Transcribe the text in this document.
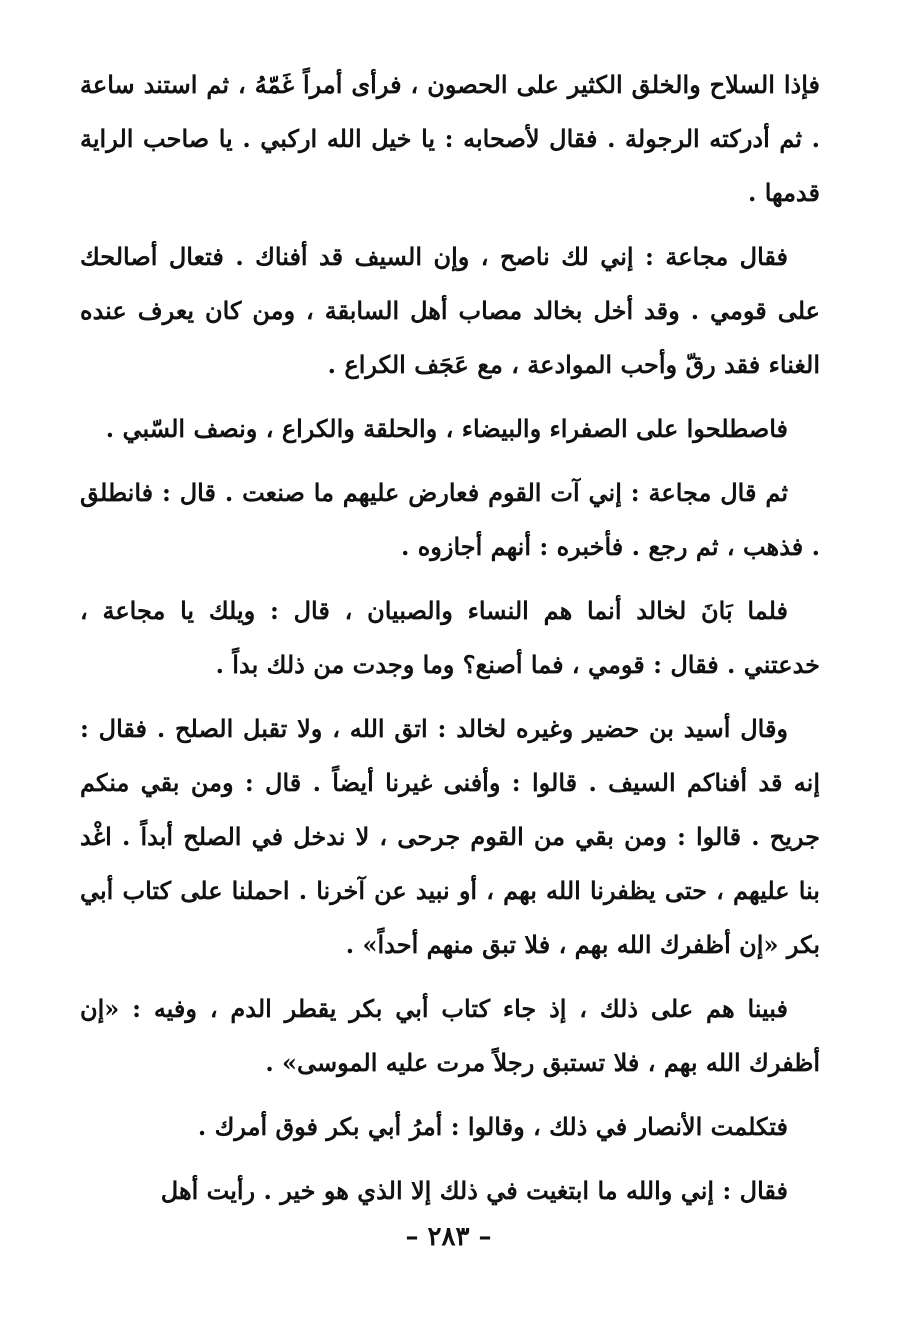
فإذا السلاح والخلق الكثير على الحصون ، فرأى أمراً غَمّهُ ، ثم استند ساعة . ثم أدركته الرجولة . فقال لأصحابه : يا خيل الله اركبي . يا صاحب الراية قدمها .

فقال مجاعة : إني لك ناصح ، وإن السيف قد أفناك . فتعال أصالحك على قومي . وقد أخل بخالد مصاب أهل السابقة ، ومن كان يعرف عنده الغناء فقد رقّ وأحب الموادعة ، مع عَجَف الكراع .

فاصطلحوا على الصفراء والبيضاء ، والحلقة والكراع ، ونصف السّبي .

ثم قال مجاعة : إني آت القوم فعارض عليهم ما صنعت . قال : فانطلق . فذهب ، ثم رجع . فأخبره : أنهم أجازوه .

فلما بَانَ لخالد أنما هم النساء والصبيان ، قال : ويلك يا مجاعة ، خدعتني . فقال : قومي ، فما أصنع؟ وما وجدت من ذلك بداً .

وقال أسيد بن حضير وغيره لخالد : اتق الله ، ولا تقبل الصلح . فقال : إنه قد أفناكم السيف . قالوا : وأفنى غيرنا أيضاً . قال : ومن بقي منكم جريح . قالوا : ومن بقي من القوم جرحى ، لا ندخل في الصلح أبداً . اغْد بنا عليهم ، حتى يظفرنا الله بهم ، أو نبيد عن آخرنا . احملنا على كتاب أبي بكر «إن أظفرك الله بهم ، فلا تبق منهم أحداً» .

فبينا هم على ذلك ، إذ جاء كتاب أبي بكر يقطر الدم ، وفيه : «إن أظفرك الله بهم ، فلا تستبق رجلاً مرت عليه الموسى» .

فتكلمت الأنصار في ذلك ، وقالوا : أمرُ أبي بكر فوق أمرك .

فقال : إني والله ما ابتغيت في ذلك إلا الذي هو خير . رأيت أهل

– ٢٨٣ –
